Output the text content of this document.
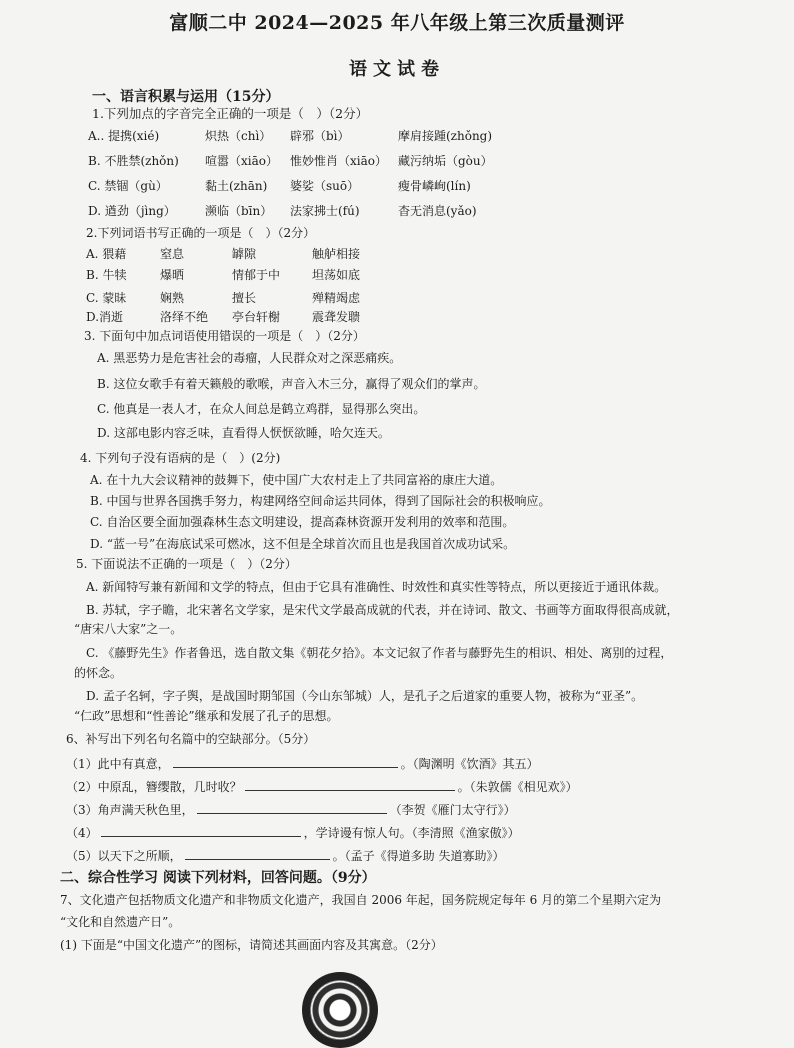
富顺二中 2024—2025 年八年级上第三次质量测评
语文试卷
一、语言积累与运用（15分）
1.下列加点的字音完全正确的一项是（　）（2分）
A.. 提携(xié)	炽热（chì） 辟邪（bì）	摩肩接踵(zhǒng)
B. 不胜禁(zhǒn) 喧嚣（xiāo） 惟妙惟肖（xiāo） 藏污纳垢（gòu）
C. 禁锢（gù）	黏土(zhān) 婆娑（suō）	瘦骨嶙峋(lín)
D. 遒劲（jìng） 濒临（bīn） 法家拂士(fú)	杳无消息(yǎo)
2.下列词语书写正确的一项是（　）（2分）
A. 猥藉	窒息	罅隙	触舻相接
B. 牛犊	爆晒	情郁于中	坦荡如底
C. 蒙昧	娴熟	擅长	殚精竭虑
D.消逝	洛绎不绝 亭台轩榭	震聋发聩
3. 下面句中加点词语使用错误的一项是（　）（2分）
A. 黑恶势力是危害社会的毒瘤，人民群众对之深恶痛疾。
B. 这位女歌手有着天籁般的歌喉，声音入木三分，赢得了观众们的掌声。
C. 他真是一表人才，在众人间总是鹤立鸡群，显得那么突出。
D. 这部电影内容乏味，直看得人恹恹欲睡，哈欠连天。
4. 下列句子没有语病的是（　）(2分)
A. 在十九大会议精神的鼓舞下，使中国广大农村走上了共同富裕的康庄大道。
B. 中国与世界各国携手努力，构建网络空间命运共同体，得到了国际社会的积极响应。
C. 自治区要全面加强森林生态文明建设，提高森林资源开发利用的效率和范围。
D. “蓝一号”在海底试采可燃冰，这不但是全球首次而且也是我国首次成功试采。
5. 下面说法不正确的一项是（　）（2分）
A. 新闻特写兼有新闻和文学的特点，但由于它具有准确性、时效性和真实性等特点，所以更接近于通讯体裁。
B. 苏轼，字子瞻，北宋著名文学家，是宋代文学最高成就的代表，并在诗词、散文、书画等方面取得很高成就，
“唐宋八大家”之一。
C. 《藤野先生》作者鲁迅，选自散文集《朝花夕拾》。本文记叙了作者与藤野先生的相识、相处、离别的过程，
的怀念。
D. 孟子名轲，字子舆，是战国时期邹国（今山东邹城）人，是孔子之后道家的重要人物，被称为“亚圣”。
“仁政”思想和“性善论”继承和发展了孔子的思想。
6、补写出下列名句名篇中的空缺部分。（5分）
（1）此中有真意，	。（陶渊明《饮酒》其五）
（2）中原乱，簪缨散，几时收？	。（朱敦儒《相见欢》）
（3）角声满天秋色里，	（李贺《雁门太守行》）
（4）	，学诗谩有惊人句。（李清照《渔家傲》）
（5）以天下之所顺，	。（孟子《得道多助 失道寡助》）
二、综合性学习 阅读下列材料，回答问题。（9分）
7、文化遗产包括物质文化遗产和非物质文化遗产，我国自 2006 年起，国务院规定每年 6 月的第二个星期六定为
“文化和自然遗产日”。
(1) 下面是“中国文化遗产”的图标，请简述其画面内容及其寓意。（2分）
